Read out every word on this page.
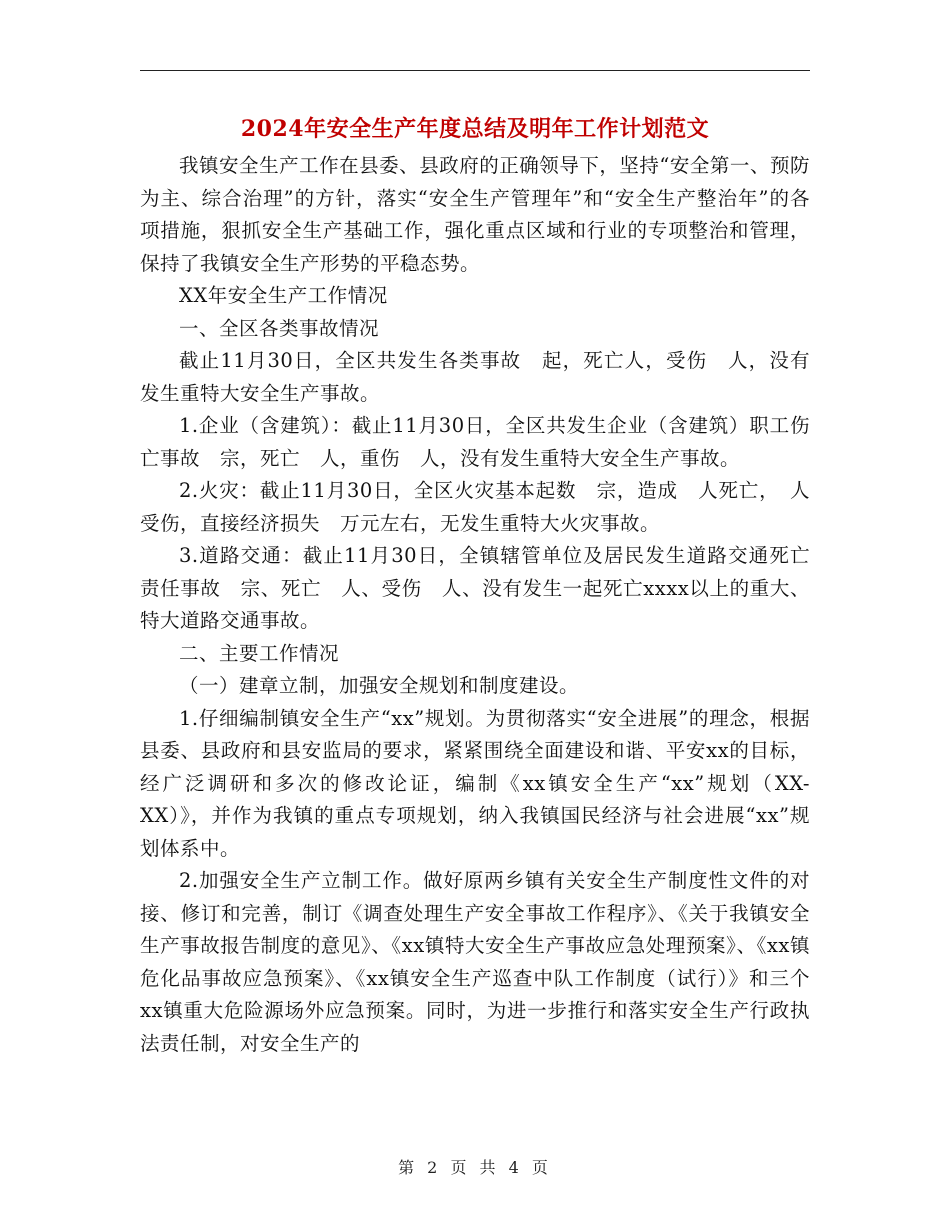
2024年安全生产年度总结及明年工作计划范文

我镇安全生产工作在县委、县政府的正确领导下，坚持“安全第一、预防为主、综合治理”的方针，落实“安全生产管理年”和“安全生产整治年”的各项措施，狠抓安全生产基础工作，强化重点区域和行业的专项整治和管理，保持了我镇安全生产形势的平稳态势。

XX年安全生产工作情况

一、全区各类事故情况

截止11月30日，全区共发生各类事故　起，死亡人，受伤　人，没有发生重特大安全生产事故。

1.企业（含建筑）：截止11月30日，全区共发生企业（含建筑）职工伤亡事故　宗，死亡　人，重伤　人，没有发生重特大安全生产事故。

2.火灾：截止11月30日，全区火灾基本起数　宗，造成　人死亡，　人受伤，直接经济损失　万元左右，无发生重特大火灾事故。

3.道路交通：截止11月30日，全镇辖管单位及居民发生道路交通死亡责任事故　宗、死亡　人、受伤　人、没有发生一起死亡xxxx以上的重大、特大道路交通事故。

二、主要工作情况

（一）建章立制，加强安全规划和制度建设。

1.仔细编制镇安全生产“xx”规划。为贯彻落实“安全进展”的理念，根据县委、县政府和县安监局的要求，紧紧围绕全面建设和谐、平安xx的目标，经广泛调研和多次的修改论证，编制《xx镇安全生产“xx”规划（XX-XX）》，并作为我镇的重点专项规划，纳入我镇国民经济与社会进展“xx”规划体系中。

2.加强安全生产立制工作。做好原两乡镇有关安全生产制度性文件的对接、修订和完善，制订《调查处理生产安全事故工作程序》、《关于我镇安全生产事故报告制度的意见》、《xx镇特大安全生产事故应急处理预案》、《xx镇危化品事故应急预案》、《xx镇安全生产巡查中队工作制度（试行）》和三个xx镇重大危险源场外应急预案。同时，为进一步推行和落实安全生产行政执法责任制，对安全生产的

第 2 页 共 4 页
